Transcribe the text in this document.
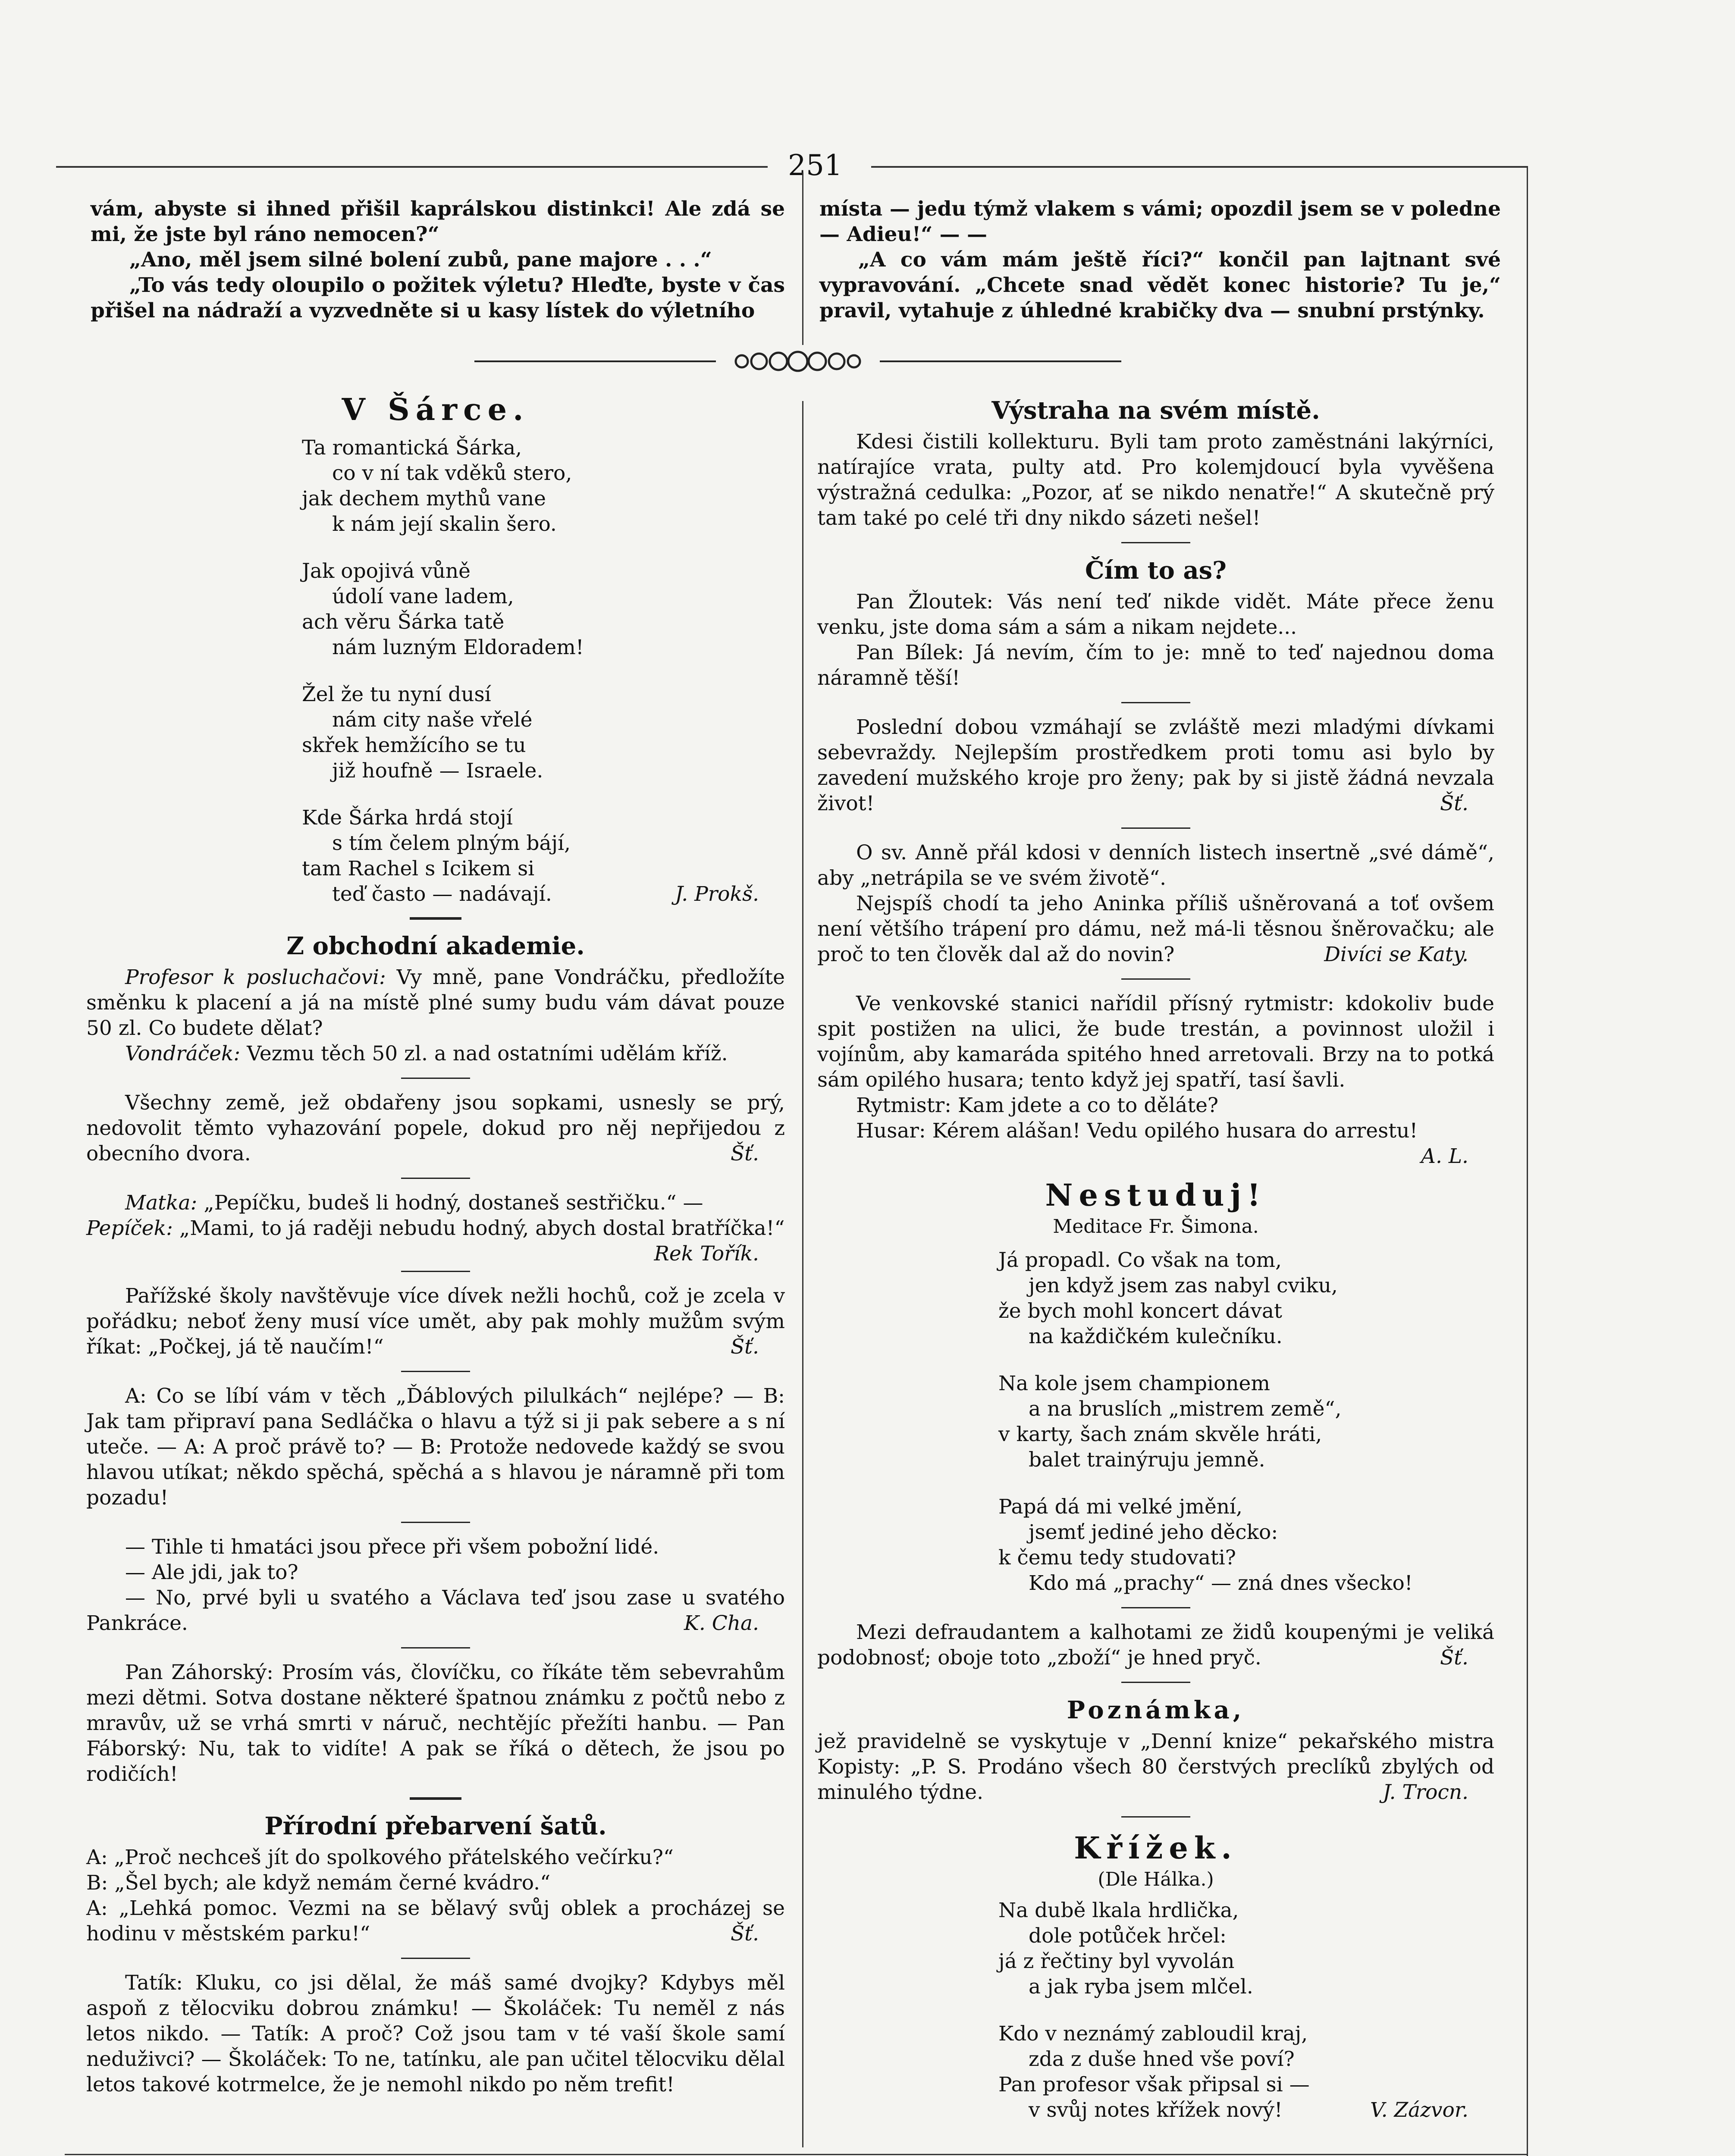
251

vám, abyste si ihned přišil kaprálskou distinkci! Ale zdá se mi, že jste byl ráno nemocen?“

„Ano, měl jsem silné bolení zubů, pane majore . . .“

„To vás tedy oloupilo o požitek výletu? Hleďte, byste v čas přišel na nádraží a vyzvedněte si u kasy lístek do výletního

místa — jedu týmž vlakem s vámi; opozdil jsem se v poledne — Adieu!“ — —

„A co vám mám ještě říci?“ končil pan lajtnant své vypravování. „Chcete snad vědět konec historie? Tu je,“ pravil, vytahuje z úhledné krabičky dva — snubní prstýnky.

V Šárce.

Ta romantická Šárka,

co v ní tak vděků stero,

jak dechem mythů vane

k nám její skalin šero.

Jak opojivá vůně

údolí vane ladem,

ach věru Šárka tatě

nám luzným Eldoradem!

Žel že tu nyní dusí

nám city naše vřelé

skřek hemžícího se tu

již houfně — Israele.

Kde Šárka hrdá stojí

s tím čelem plným bájí,

tam Rachel s Icikem si

teď často — nadávají.	J. Prokš.
Z obchodní akademie.

Profesor k posluchačovi: Vy mně, pane Vondráčku, předložíte směnku k placení a já na místě plné sumy budu vám dávat pouze 50 zl. Co budete dělat?

Vondráček: Vezmu těch 50 zl. a nad ostatními udělám kříž.

Všechny země, jež obdařeny jsou sopkami, usnesly se prý, nedovolit těmto vyhazování popele, dokud pro něj nepřijedou z obecního dvora.	Šť.

Matka: „Pepíčku, budeš li hodný, dostaneš sestřičku.“ —

Pepíček: „Mami, to já raději nebudu hodný, abych dostal bratříčka!“

Rek Tořík.

Pařížské školy navštěvuje více dívek nežli hochů, což je zcela v pořádku; neboť ženy musí více umět, aby pak mohly mužům svým říkat: „Počkej, já tě naučím!“	Šť.

A: Co se líbí vám v těch „Ďáblových pilulkách“ nejlépe? — B: Jak tam připraví pana Sedláčka o hlavu a týž si ji pak sebere a s ní uteče. — A: A proč právě to? — B: Protože nedovede každý se svou hlavou utíkat; někdo spěchá, spěchá a s hlavou je náramně při tom pozadu!

— Tihle ti hmatáci jsou přece při všem pobožní lidé.

— Ale jdi, jak to?

— No, prvé byli u svatého a Václava teď jsou zase u svatého Pankráce.	K. Cha.

Pan Záhorský: Prosím vás, človíčku, co říkáte těm sebevrahům mezi dětmi. Sotva dostane některé špatnou známku z počtů nebo z mravův, už se vrhá smrti v náruč, nechtějíc přežíti hanbu. — Pan Fáborský: Nu, tak to vidíte! A pak se říká o dětech, že jsou po rodičích!

Přírodní přebarvení šatů.

A: „Proč nechceš jít do spolkového přátelského večírku?“

B: „Šel bych; ale když nemám černé kvádro.“

A: „Lehká pomoc. Vezmi na se bělavý svůj oblek a procházej se hodinu v městském parku!“	Šť.

Tatík: Kluku, co jsi dělal, že máš samé dvojky? Kdybys měl aspoň z tělocviku dobrou známku! — Školáček: Tu neměl z nás letos nikdo. — Tatík: A proč? Což jsou tam v té vaší škole samí neduživci? — Školáček: To ne, tatínku, ale pan učitel tělocviku dělal letos takové kotrmelce, že je nemohl nikdo po něm trefit!

Výstraha na svém místě.

Kdesi čistili kollekturu. Byli tam proto zaměstnáni lakýrníci, natírajíce vrata, pulty atd. Pro kolemjdoucí byla vyvěšena výstražná cedulka: „Pozor, ať se nikdo nenatře!“ A skutečně prý tam také po celé tři dny nikdo sázeti nešel!

Čím to as?

Pan Žloutek: Vás není teď nikde vidět. Máte přece ženu venku, jste doma sám a sám a nikam nejdete...

Pan Bílek: Já nevím, čím to je: mně to teď najednou doma náramně těší!

Poslední dobou vzmáhají se zvláště mezi mladými dívkami sebevraždy. Nejlepším prostředkem proti tomu asi bylo by zavedení mužského kroje pro ženy; pak by si jistě žádná nevzala život!	Šť.

O sv. Anně přál kdosi v denních listech insertně „své dámě“, aby „netrápila se ve svém životě“.

Nejspíš chodí ta jeho Aninka příliš ušněrovaná a toť ovšem není většího trápení pro dámu, než má-li těsnou šněrovačku; ale proč to ten člověk dal až do novin?	Divíci se Katy.

Ve venkovské stanici nařídil přísný rytmistr: kdokoliv bude spit postižen na ulici, že bude trestán, a povinnost uložil i vojínům, aby kamaráda spitého hned arretovali. Brzy na to potká sám opilého husara; tento když jej spatří, tasí šavli.

Rytmistr: Kam jdete a co to děláte?

Husar: Kérem alášan! Vedu opilého husara do arrestu!

A. L.
Nestuduj!
Meditace Fr. Šimona.

Já propadl. Co však na tom,

jen když jsem zas nabyl cviku,

že bych mohl koncert dávat

na každičkém kulečníku.

Na kole jsem championem

a na bruslích „mistrem země“,

v karty, šach znám skvěle hráti,

balet trainýruju jemně.

Papá dá mi velké jmění,

jsemť jediné jeho děcko:

k čemu tedy studovati?

Kdo má „prachy“ — zná dnes všecko!

Mezi defraudantem a kalhotami ze židů koupenými je veliká podobnosť; oboje toto „zboží“ je hned pryč.	Šť.
Poznámka,

jež pravidelně se vyskytuje v „Denní knize“ pekařského mistra Kopisty: „P. S. Prodáno všech 80 čerstvých preclíků zbylých od minulého týdne.	J. Trocn.
Křížek.
(Dle Hálka.)

Na dubě lkala hrdlička,

dole potůček hrčel:

já z řečtiny byl vyvolán

a jak ryba jsem mlčel.

Kdo v neznámý zabloudil kraj,

zda z duše hned vše poví?

Pan profesor však připsal si —

v svůj notes křížek nový!	V. Zázvor.
